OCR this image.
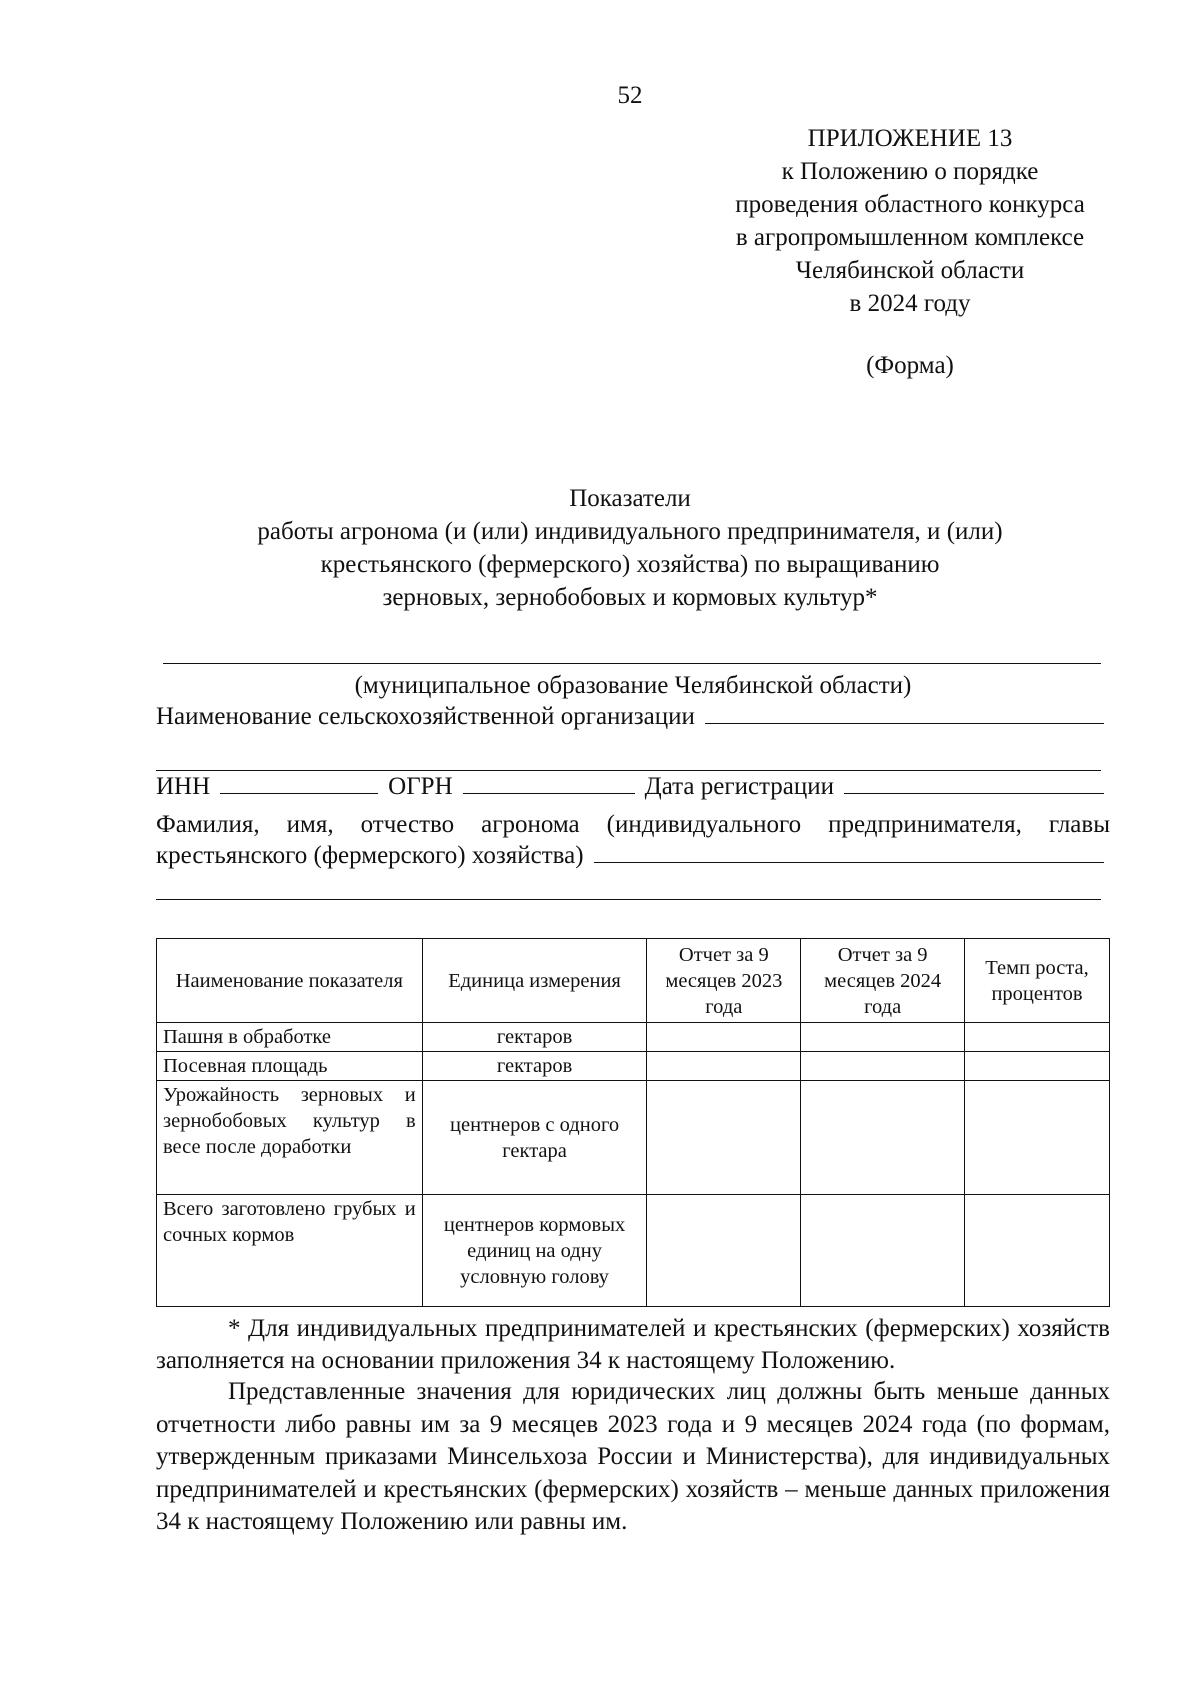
52
ПРИЛОЖЕНИЕ 13
к Положению о порядке
проведения областного конкурса
в агропромышленном комплексе
Челябинской области
в 2024 году
(Форма)
Показатели
работы агронома (и (или) индивидуального предпринимателя, и (или)
крестьянского (фермерского) хозяйства) по выращиванию
зерновых, зернобобовых и кормовых культур*
(муниципальное образование Челябинской области)
Наименование сельскохозяйственной организации
ИНН	ОГРН	Дата регистрации
Фамилия, имя, отчество агронома (индивидуального предпринимателя, главы
крестьянского (фермерского) хозяйства)
Наименование показателя	Единица измерения	Отчет за 9 месяцев 2023 года	Отчет за 9 месяцев 2024 года	Темп роста, процентов
Пашня в обработке	гектаров			
Посевная площадь	гектаров			
Урожайность зерновых и зернобобовых культур в весе после доработки	центнеров с одного гектара			
Всего заготовлено грубых и сочных кормов	центнеров кормовых единиц на одну условную голову			
* Для индивидуальных предпринимателей и крестьянских (фермерских) хозяйств заполняется на основании приложения 34 к настоящему Положению.
Представленные значения для юридических лиц должны быть меньше данных отчетности либо равны им за 9 месяцев 2023 года и 9 месяцев 2024 года (по формам, утвержденным приказами Минсельхоза России и Министерства), для индивидуальных предпринимателей и крестьянских (фермерских) хозяйств – меньше данных приложения 34 к настоящему Положению или равны им.
